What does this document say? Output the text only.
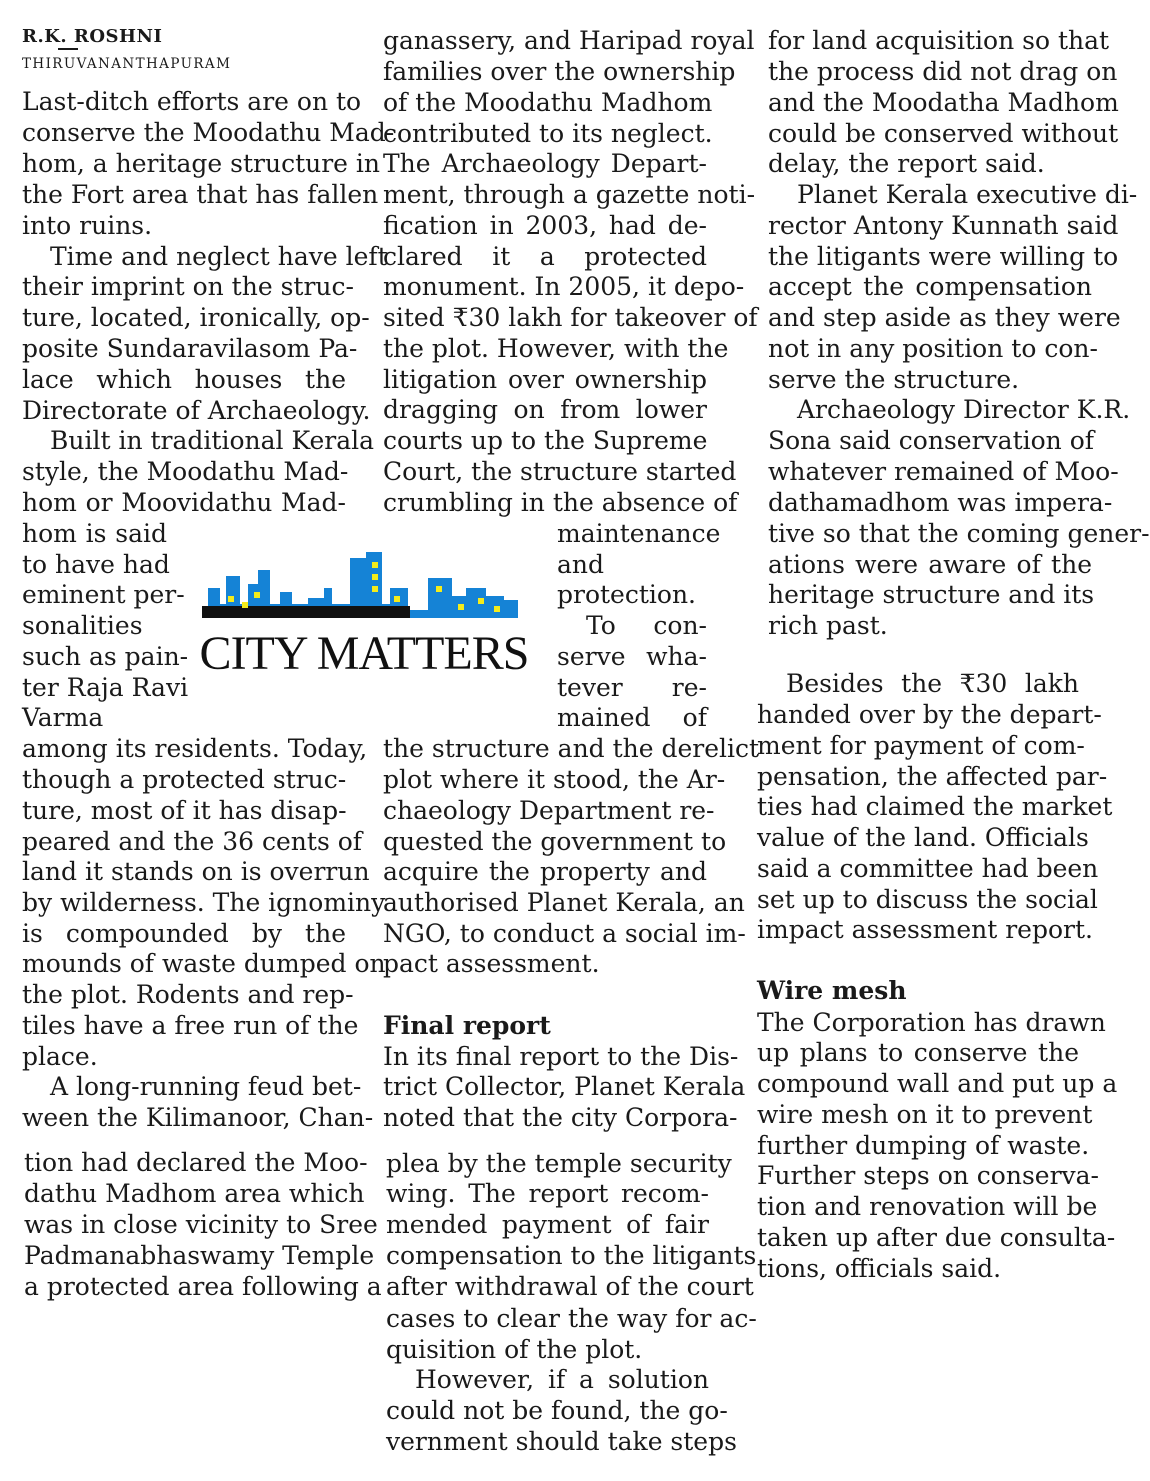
R.K. ROSHNI
THIRUVANANTHAPURAM
CITY MATTERS
Last-ditch efforts are on to
conserve the Moodathu Mad-
hom, a heritage structure in
the Fort area that has fallen
into ruins.
Time and neglect have left
their imprint on the struc-
ture, located, ironically, op-
posite Sundaravilasom Pa-
lace which houses the
Directorate of Archaeology.
Built in traditional Kerala
style, the Moodathu Mad-
hom or Moovidathu Mad-
hom is said
to have had
eminent per-
sonalities
such as pain-
ter Raja Ravi
Varma
among its residents. Today,
though a protected struc-
ture, most of it has disap-
peared and the 36 cents of
land it stands on is overrun
by wilderness. The ignominy
is compounded by the
mounds of waste dumped on
the plot. Rodents and rep-
tiles have a free run of the
place.
A long-running feud bet-
ween the Kilimanoor, Chan-
tion had declared the Moo-
dathu Madhom area which
was in close vicinity to Sree
Padmanabhaswamy Temple
a protected area following a
ganassery, and Haripad royal
families over the ownership
of the Moodathu Madhom
contributed to its neglect.
The Archaeology Depart-
ment, through a gazette noti-
fication in 2003, had de-
clared it a protected
monument. In 2005, it depo-
sited ₹30 lakh for takeover of
the plot. However, with the
litigation over ownership
dragging on from lower
courts up to the Supreme
Court, the structure started
crumbling in the absence of
maintenance
and
protection.
To con-
serve wha-
tever re-
mained of
the structure and the derelict
plot where it stood, the Ar-
chaeology Department re-
quested the government to
acquire the property and
authorised Planet Kerala, an
NGO, to conduct a social im-
pact assessment.
Final report
In its final report to the Dis-
trict Collector, Planet Kerala
noted that the city Corpora-
plea by the temple security
wing. The report recom-
mended payment of fair
compensation to the litigants
after withdrawal of the court
cases to clear the way for ac-
quisition of the plot.
However, if a solution
could not be found, the go-
vernment should take steps
for land acquisition so that
the process did not drag on
and the Moodatha Madhom
could be conserved without
delay, the report said.
Planet Kerala executive di-
rector Antony Kunnath said
the litigants were willing to
accept the compensation
and step aside as they were
not in any position to con-
serve the structure.
Archaeology Director K.R.
Sona said conservation of
whatever remained of Moo-
dathamadhom was impera-
tive so that the coming gener-
ations were aware of the
heritage structure and its
rich past.
Besides the ₹30 lakh
handed over by the depart-
ment for payment of com-
pensation, the affected par-
ties had claimed the market
value of the land. Officials
said a committee had been
set up to discuss the social
impact assessment report.
Wire mesh
The Corporation has drawn
up plans to conserve the
compound wall and put up a
wire mesh on it to prevent
further dumping of waste.
Further steps on conserva-
tion and renovation will be
taken up after due consulta-
tions, officials said.
